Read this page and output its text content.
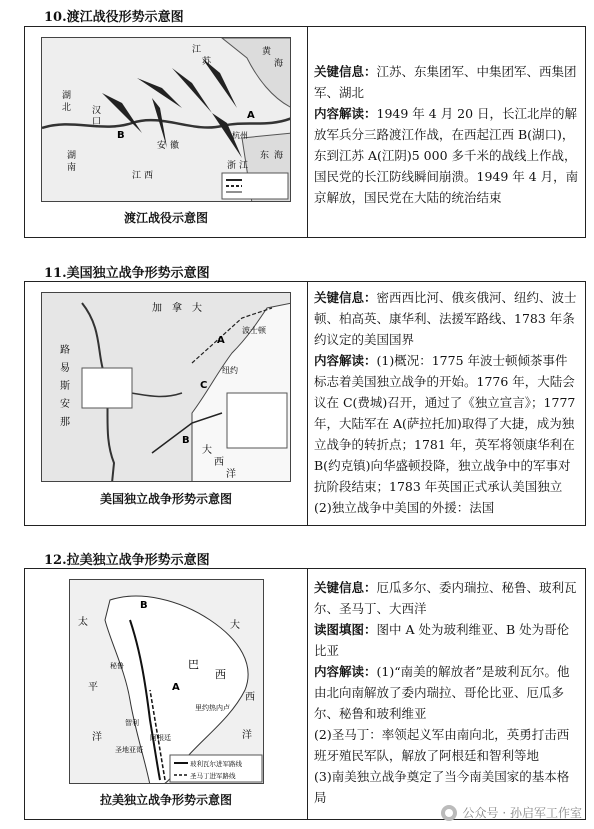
10.渡江战役形势示意图
江
苏
黄
海
湖
北 汉
口
安 徽
浙 江
湖
南
江 西
东 海
杭州
A
B
渡江战役示意图

关键信息：江苏、东集团军、中集团军、西集团军、湖北

内容解读：1949 年 4 月 20 日，长江北岸的解放军兵分三路渡江作战，在西起江西 B(湖口)，东到江苏 A(江阴)5 000 多千米的战线上作战，国民党的长江防线瞬间崩溃。1949 年 4 月，南京解放，国民党在大陆的统治结束

11.美国独立战争形势示意图
加 拿 大
路
易
斯
安
那
大
西
洋
A
B
C
波士顿
纽约
美国独立战争形势示意图

关键信息：密西西比河、俄亥俄河、纽约、波士顿、柏高英、康华利、法援军路线、1783 年条约议定的美国国界

内容解读：(1)概况：1775 年波士顿倾茶事件标志着美国独立战争的开始。1776 年，大陆会议在 C(费城)召开，通过了《独立宣言》；1777 年，大陆军在 A(萨拉托加)取得了大捷，成为独立战争的转折点；1781 年，英军将领康华利在 B(约克镇)向华盛顿投降，独立战争中的军事对抗阶段结束；1783 年英国正式承认美国独立

(2)独立战争中美国的外援：法国

12.拉美独立战争形势示意图
太
平
洋
大
西
洋
巴
西
阿根廷
秘鲁
智利
A
B
圣地亚哥
里约热内卢
玻利瓦尔进军路线
圣马丁进军路线
拉美独立战争形势示意图

关键信息：厄瓜多尔、委内瑞拉、秘鲁、玻利瓦尔、圣马丁、大西洋

读图填图：图中 A 处为玻利维亚、B 处为哥伦比亚

内容解读：(1)“南美的解放者”是玻利瓦尔。他由北向南解放了委内瑞拉、哥伦比亚、厄瓜多尔、秘鲁和玻利维亚

(2)圣马丁：率领起义军由南向北，英勇打击西班牙殖民军队，解放了阿根廷和智利等地

(3)南美独立战争奠定了当今南美国家的基本格局

公众号 · 孙启军工作室
